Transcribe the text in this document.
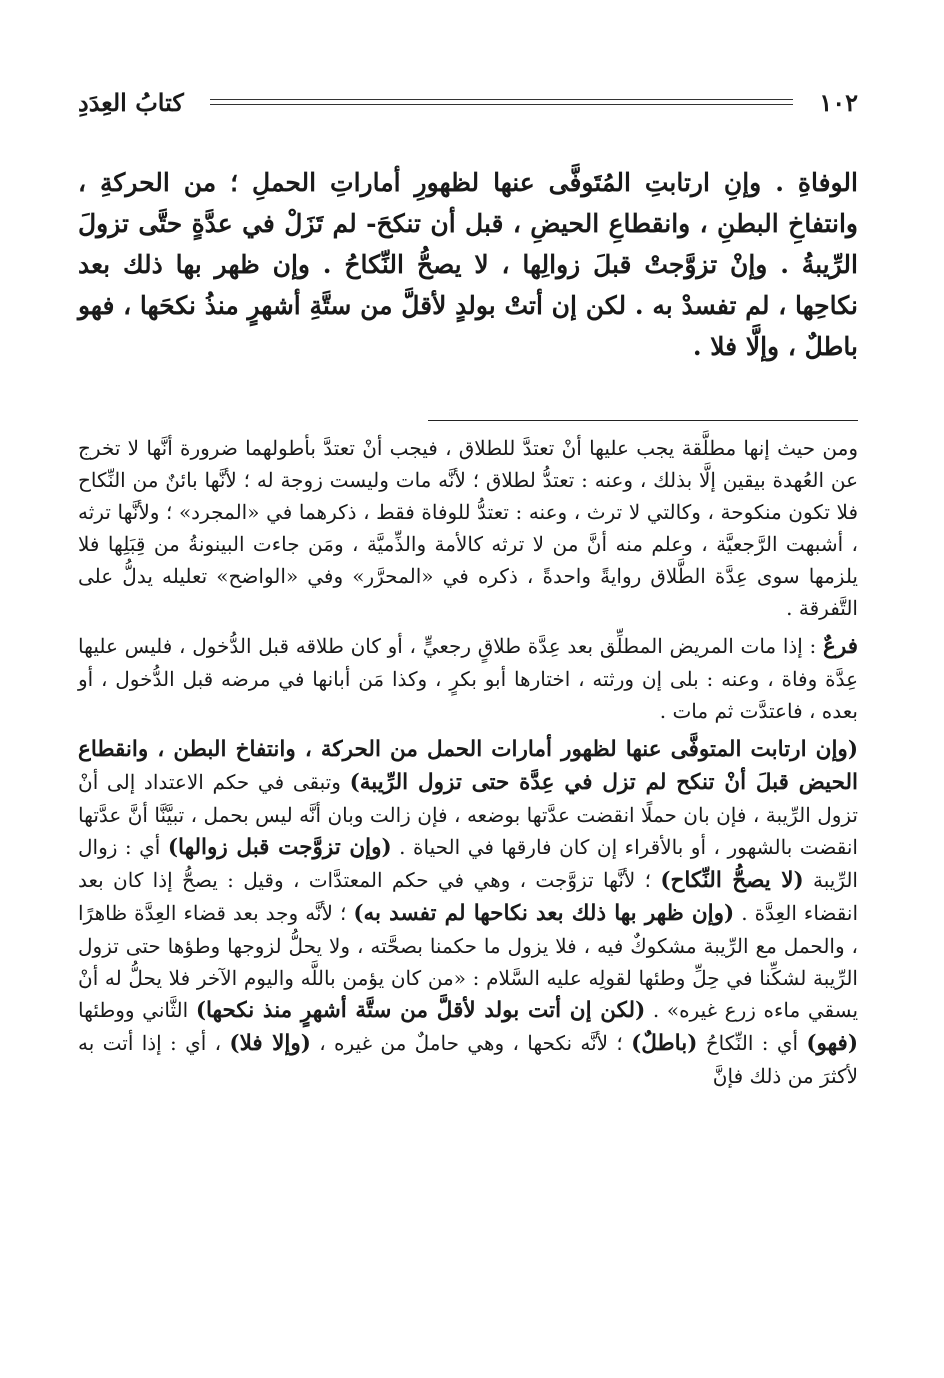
١٠٢
كتابُ العِدَدِ
الوفاةِ . وإنِ ارتابتِ المُتَوفَّى عنها لظهورِ أماراتِ الحملِ ؛ من الحركةِ ، وانتفاخِ البطنِ ، وانقطاعِ الحيضِ ، قبل أن تنكحَ- لم تَزَلْ في عدَّةٍ حتَّى تزولَ الرِّيبةُ . وإنْ تزوَّجتْ قبلَ زوالِها ، لا يصحُّ النِّكاحُ . وإن ظهر بها ذلك بعد نكاحِها ، لم تفسدْ به . لكن إن أتتْ بولدٍ لأقلَّ من ستَّةِ أشهرٍ منذُ نكحَها ، فهو باطلٌ ، وإلَّا فلا .

ومن حيث إنها مطلَّقة يجب عليها أنْ تعتدَّ للطلاق ، فيجب أنْ تعتدَّ بأطولهما ضرورة أنَّها لا تخرج عن العُهدة بيقين إلَّا بذلك ، وعنه : تعتدُّ لطلاق ؛ لأنَّه مات وليست زوجة له ؛ لأنَّها بائنٌ من النِّكاح فلا تكون منكوحة ، وكالتي لا ترث ، وعنه : تعتدُّ للوفاة فقط ، ذكرهما في «المجرد» ؛ ولأنَّها ترثه ، أشبهت الرَّجعيَّة ، وعلم منه أنَّ من لا ترثه كالأمة والذِّميَّة ، ومَن جاءت البينونةُ من قِبَلِها فلا يلزمها سوى عِدَّة الطَّلاق روايةً واحدةً ، ذكره في «المحرَّر» وفي «الواضح» تعليله يدلُّ على التَّفرقة .

فرعٌ : إذا مات المريض المطلِّق بعد عِدَّة طلاقٍ رجعيٍّ ، أو كان طلاقه قبل الدُّخول ، فليس عليها عِدَّة وفاة ، وعنه : بلى إن ورثته ، اختارها أبو بكرٍ ، وكذا مَن أبانها في مرضه قبل الدُّخول ، أو بعده ، فاعتدَّت ثم مات .

(وإن ارتابت المتوفَّى عنها لظهور أمارات الحمل من الحركة ، وانتفاخ البطن ، وانقطاع الحيض قبلَ أنْ تنكح لم تزل في عِدَّة حتى تزول الرِّيبة) وتبقى في حكم الاعتداد إلى أنْ تزول الرِّيبة ، فإن بان حملًا انقضت عدَّتها بوضعه ، فإن زالت وبان أنَّه ليس بحمل ، تبيَّنَّا أنَّ عدَّتها انقضت بالشهور ، أو بالأقراء إن كان فارقها في الحياة . (وإن تزوَّجت قبل زوالها) أي : زوال الرِّيبة (لا يصحُّ النِّكاح) ؛ لأنَّها تزوَّجت ، وهي في حكم المعتدَّات ، وقيل : يصحُّ إذا كان بعد انقضاء العِدَّة . (وإن ظهر بها ذلك بعد نكاحها لم تفسد به) ؛ لأنَّه وجد بعد قضاء العِدَّة ظاهرًا ، والحمل مع الرِّيبة مشكوكٌ فيه ، فلا يزول ما حكمنا بصحَّته ، ولا يحلُّ لزوجها وطؤها حتى تزول الرِّيبة لشكِّنا في حِلِّ وطئها لقولِه عليه السَّلام : «من كان يؤمن باللَّه واليوم الآخر فلا يحلُّ له أنْ يسقي ماءه زرع غيره» . (لكن إن أتت بولد لأقلَّ من ستَّة أشهرٍ منذ نكحها) الثَّاني ووطئها (فهو) أي : النِّكاحُ (باطلٌ) ؛ لأنَّه نكحها ، وهي حاملٌ من غيره ، (وإلا فلا) ، أي : إذا أتت به لأكثرَ من ذلك فإنَّ
